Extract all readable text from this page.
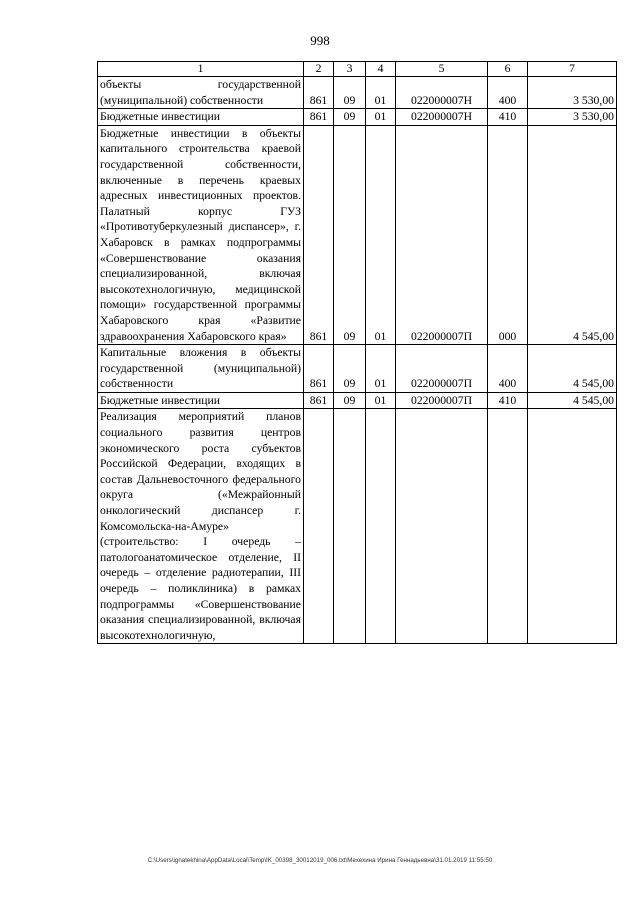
998
1	2	3	4	5	6	7
объекты государственной (муниципальной) собственности	861	09	01	022000007Н	400	3 530,00
Бюджетные инвестиции	861	09	01	022000007Н	410	3 530,00
Бюджетные инвестиции в объекты капитального строительства краевой государственной собственности, включенные в перечень краевых адресных инвестиционных проектов. Палатный корпус ГУЗ «Противотуберкулезный диспансер», г. Хабаровск в рамках подпрограммы «Совершенствование оказания специализированной, включая высокотехнологичную, медицинской помощи» государственной программы Хабаровского края «Развитие здравоохранения Хабаровского края»	861	09	01	022000007П	000	4 545,00
Капитальные вложения в объекты государственной (муниципальной) собственности	861	09	01	022000007П	400	4 545,00
Бюджетные инвестиции	861	09	01	022000007П	410	4 545,00
Реализация мероприятий планов социального развития центров экономического роста субъектов Российской Федерации, входящих в состав Дальневосточного федерального округа («Межрайонный онкологический диспансер г. Комсомольска-на-Амуре» (строительство: I очередь – патологоанатомическое отделение, II очередь – отделение радиотерапии, III очередь – поликлиника) в рамках подпрограммы «Совершенствование оказания специализированной, включая высокотехнологичную,						
C:\Users\ignatekhina\AppData\Local\Temp\IK_00398_30012019_006.txt\Мехехина Ирина Геннадьевна\31.01.2019 11:55:50
